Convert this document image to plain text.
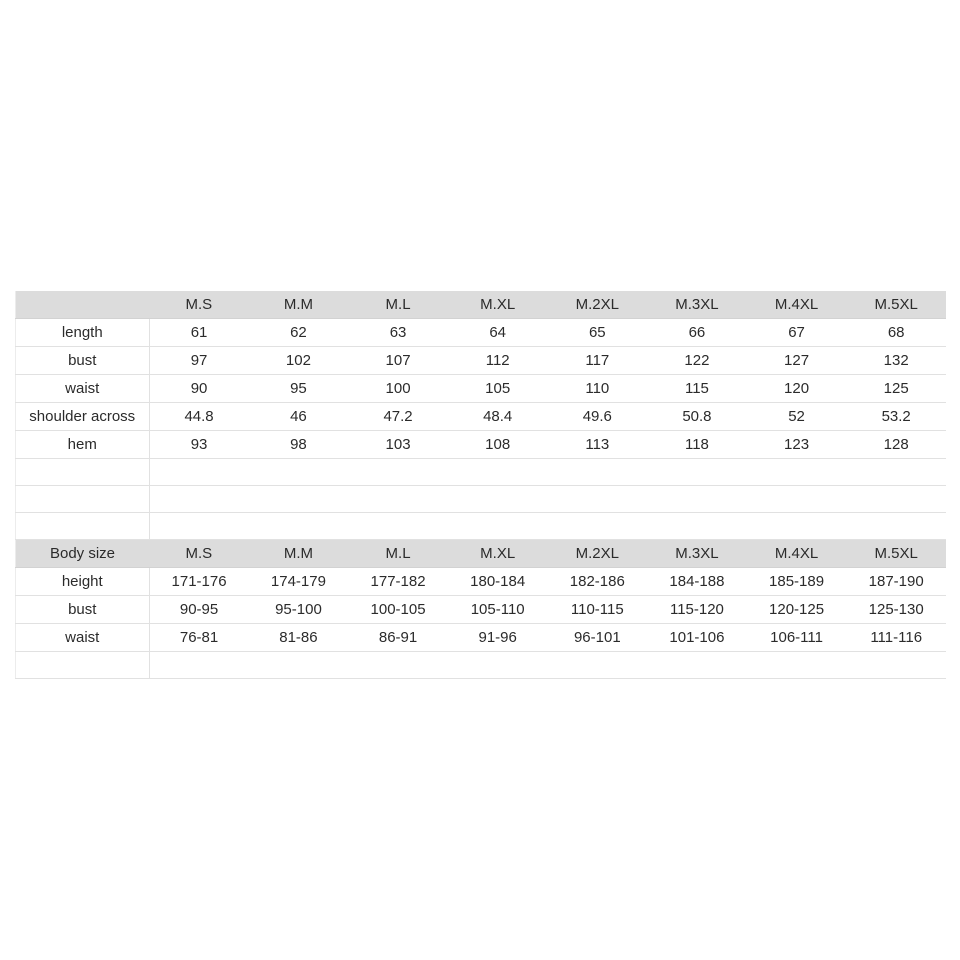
	M.S	M.M	M.L	M.XL	M.2XL	M.3XL	M.4XL	M.5XL
length	61	62	63	64	65	66	67	68
bust	97	102	107	112	117	122	127	132
waist	90	95	100	105	110	115	120	125
shoulder across	44.8	46	47.2	48.4	49.6	50.8	52	53.2
hem	93	98	103	108	113	118	123	128

Body size	M.S	M.M	M.L	M.XL	M.2XL	M.3XL	M.4XL	M.5XL
height	171-176	174-179	177-182	180-184	182-186	184-188	185-189	187-190
bust	90-95	95-100	100-105	105-110	110-115	115-120	120-125	125-130
waist	76-81	81-86	86-91	91-96	96-101	101-106	106-111	111-116
